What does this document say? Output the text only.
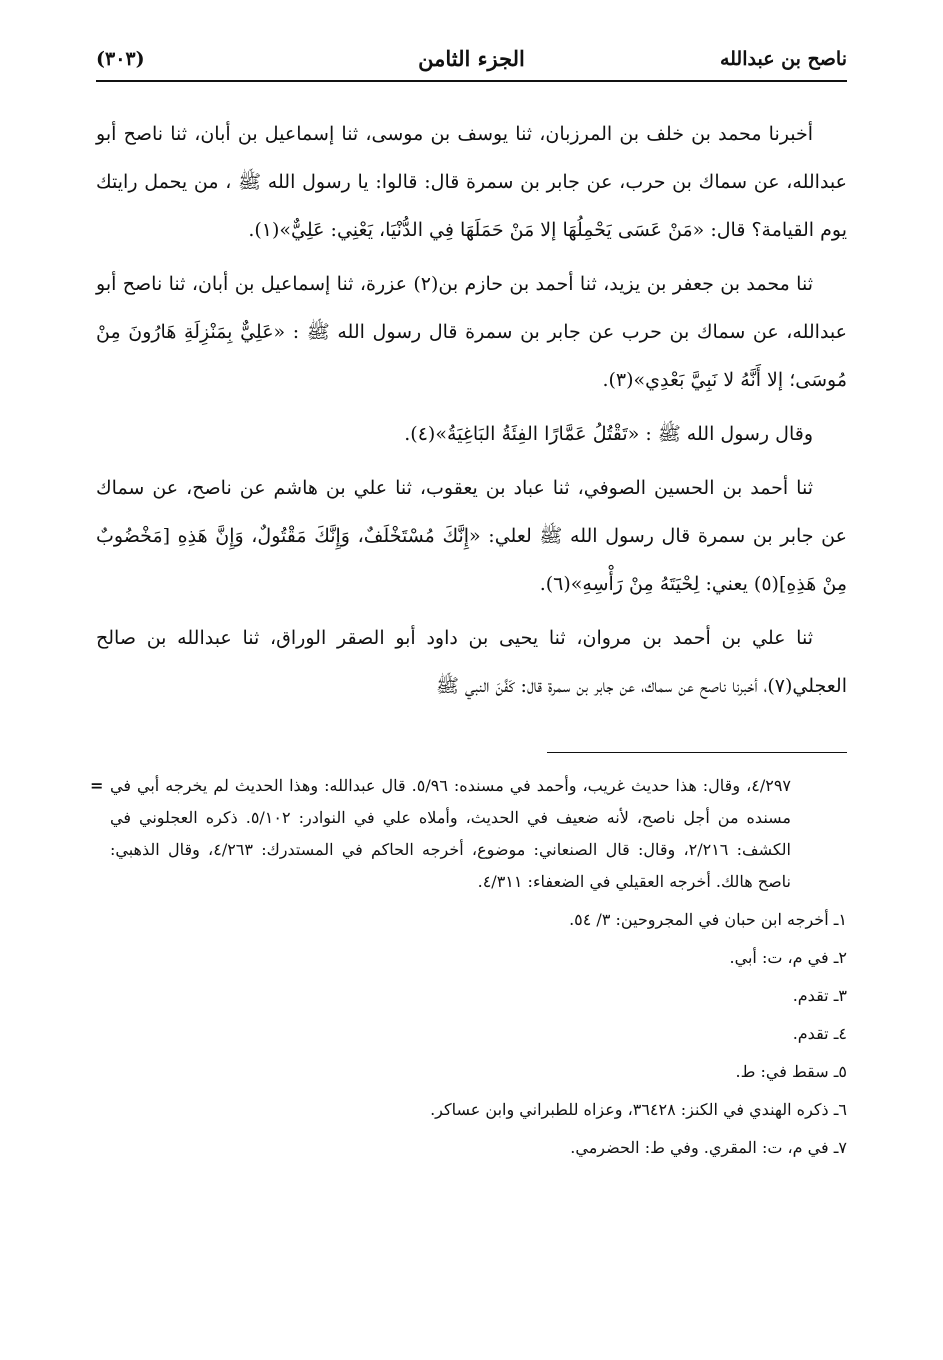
ناصح بن عبدالله
الجزء الثامن
(٣٠٣)

أخبرنا محمد بن خلف بن المرزبان، ثنا يوسف بن موسى، ثنا إسماعيل بن أبان، ثنا ناصح أبو عبدالله، عن سماك بن حرب، عن جابر بن سمرة قال: قالوا: يا رسول الله ﷺ ، من يحمل رايتك يوم القيامة؟ قال: «مَنْ عَسَى يَحْمِلُهَا إلا مَنْ حَمَلَهَا فِي الدُّنْيَا، يَعْنِي: عَلِيٌّ»(١).

ثنا محمد بن جعفر بن يزيد، ثنا أحمد بن حازم بن(٢) عزرة، ثنا إسماعيل بن أبان، ثنا ناصح أبو عبدالله، عن سماك بن حرب عن جابر بن سمرة قال رسول الله ﷺ : «عَلِيٌّ بِمَنْزِلَةِ هَارُونَ مِنْ مُوسَى؛ إلا أَنَّهُ لا نَبِيَّ بَعْدِي»(٣).

وقال رسول الله ﷺ : «تَقْتُلُ عَمَّارًا الفِئَةُ البَاغِيَةُ»(٤).

ثنا أحمد بن الحسين الصوفي، ثنا عباد بن يعقوب، ثنا علي بن هاشم عن ناصح، عن سماك عن جابر بن سمرة قال رسول الله ﷺ لعلي: «إِنَّكَ مُسْتَخْلَفٌ، وَإِنَّكَ مَقْتُولٌ، وَإِنَّ هَذِهِ [مَخْضُوبٌ مِنْ هَذِهِ](٥) يعني: لِحْيَتَهُ مِنْ رَأْسِهِ»(٦).

ثنا علي بن أحمد بن مروان، ثنا يحيى بن داود أبو الصقر الوراق، ثنا عبدالله بن صالح العجلي(٧)، أخبرنا ناصح عن سماك، عن جابر بن سمرة قال: كَفَّنَ النبي ﷺ

= ٤/٢٩٧، وقال: هذا حديث غريب، وأحمد في مسنده: ٥/٩٦. قال عبدالله: وهذا الحديث لم يخرجه أبي في مسنده من أجل ناصح، لأنه ضعيف في الحديث، وأملاه علي في النوادر: ٥/١٠٢. ذكره العجلوني في الكشف: ٢/٢١٦، وقال: قال الصنعاني: موضوع، أخرجه الحاكم في المستدرك: ٤/٢٦٣، وقال الذهبي: ناصح هالك. أخرجه العقيلي في الضعفاء: ٤/٣١١.
١ـ أخرجه ابن حبان في المجروحين: ٣/ ٥٤.
٢ـ في م، ت: أبي.
٣ـ تقدم.
٤ـ تقدم.
٥ـ سقط في: ط.
٦ـ ذكره الهندي في الكنز: ٣٦٤٢٨، وعزاه للطبراني وابن عساكر.
٧ـ في م، ت: المقري. وفي ط: الحضرمي.
